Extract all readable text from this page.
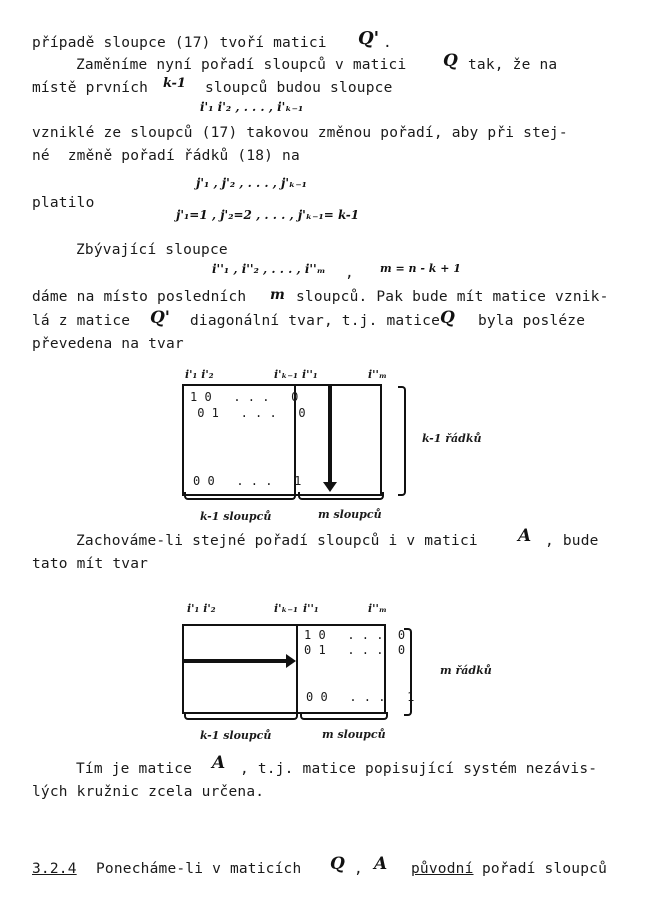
případě sloupce (17) tvoří matici Q' .
Zaměníme nyní pořadí sloupců v matici Q tak, že na
místě prvních k-1 sloupců budou sloupce
i'₁ i'₂ , . . . , i'ₖ₋₁
vzniklé ze sloupců (17) takovou změnou pořadí, aby při stej-
né  změně pořadí řádků (18) na
j'₁ , j'₂ , . . . , j'ₖ₋₁
platilo
j'₁=1 , j'₂=2 , . . . , j'ₖ₋₁= k-1
Zbývající sloupce
i''₁ , i''₂ , . . . , i''ₘ , m = n - k + 1
dáme na místo posledních m sloupců. Pak bude mít matice vznik-
lá z matice Q' diagonální tvar, t.j. matice Q byla posléze
převedena na tvar
i'₁ i'₂	i'ₖ₋₁ i''₁	i''ₘ
1 0   . . .   0
0 1   . . .   0
0 0   . . .   1
k-1 sloupců	m sloupců
k-1 řádků
Zachováme-li stejné pořadí sloupců i v matici A , bude
tato mít tvar
i'₁ i'₂	i'ₖ₋₁ i''₁	i''ₘ
1 0   . . .  0
0 1   . . .  0
0 0   . . .   1
k-1 sloupců	m sloupců
m řádků
Tím je matice A , t.j. matice popisující systém nezávis-
lých kružnic zcela určena.
3.2.4 Ponecháme-li v maticích Q , A původní pořadí sloupců
